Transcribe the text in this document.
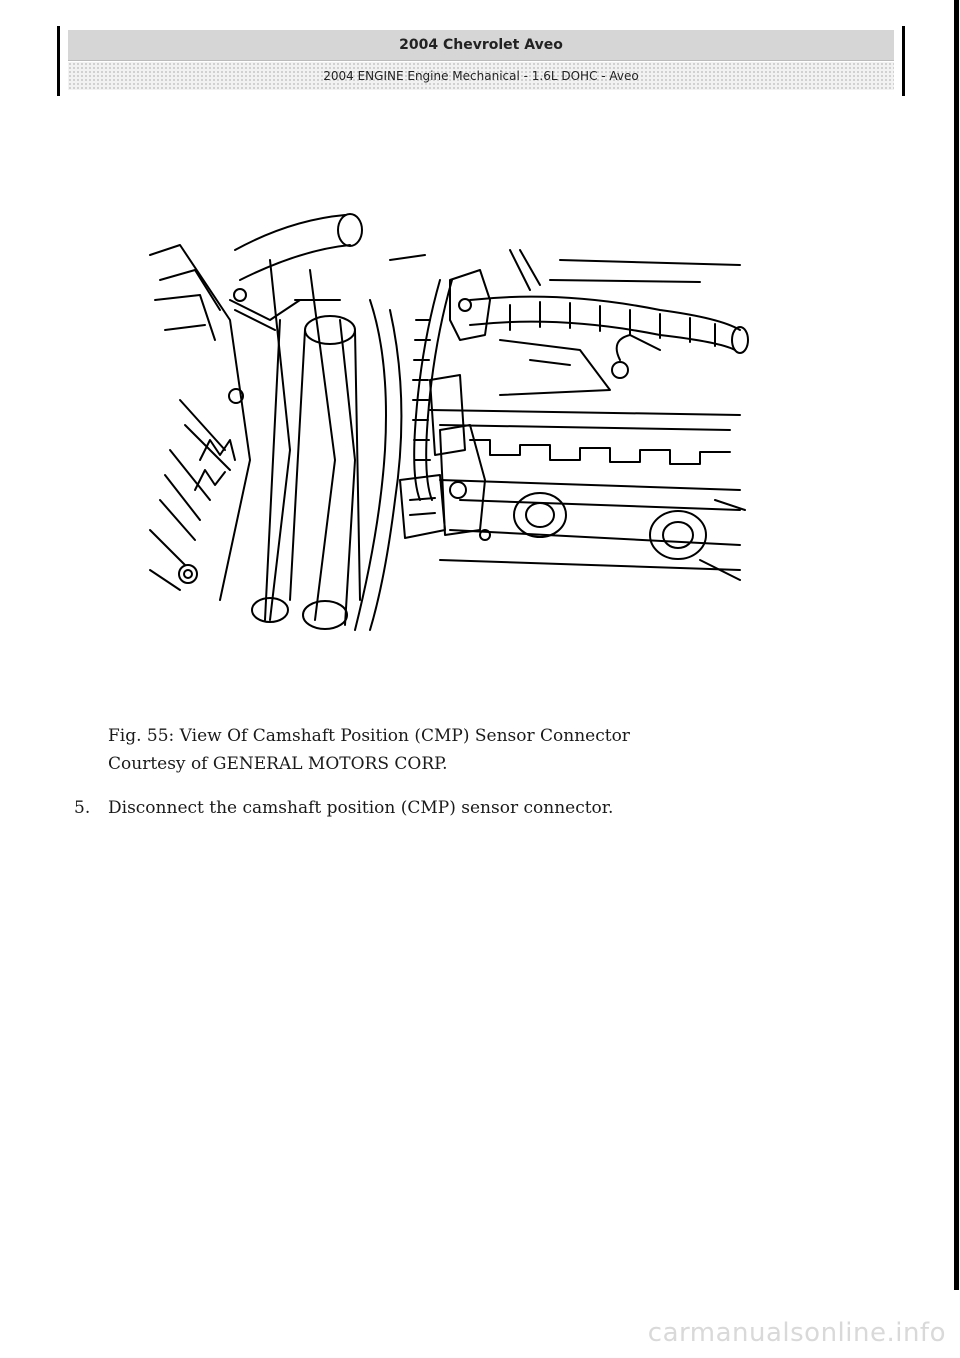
2004 Chevrolet Aveo
2004 ENGINE Engine Mechanical - 1.6L DOHC - Aveo
Fig. 55: View Of Camshaft Position (CMP) Sensor Connector
Courtesy of GENERAL MOTORS CORP.
5.	Disconnect the camshaft position (CMP) sensor connector.
carmanualsonline.info
